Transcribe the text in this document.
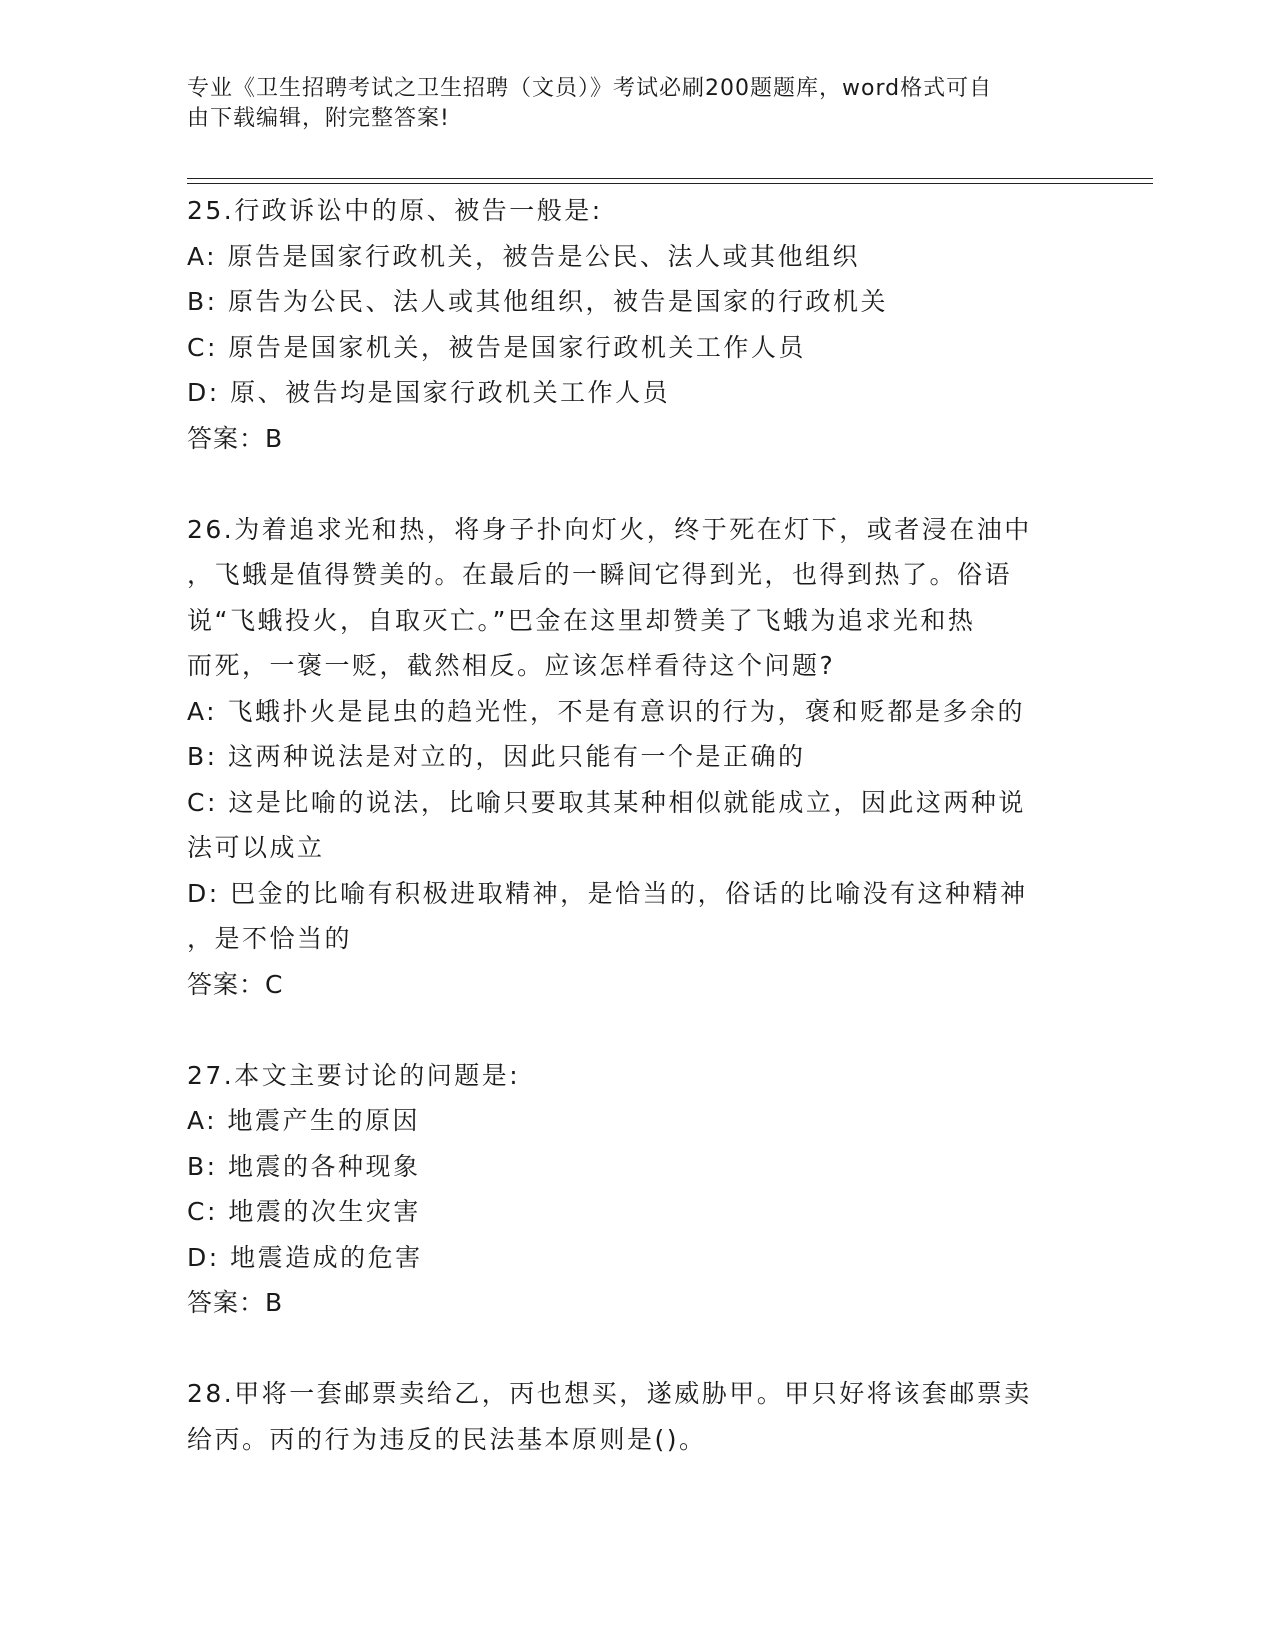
专业《卫生招聘考试之卫生招聘（文员）》考试必刷200题题库，word格式可自
由下载编辑，附完整答案!
25.行政诉讼中的原、被告一般是:
A: 原告是国家行政机关，被告是公民、法人或其他组织
B: 原告为公民、法人或其他组织，被告是国家的行政机关
C: 原告是国家机关，被告是国家行政机关工作人员
D: 原、被告均是国家行政机关工作人员
答案：B
26.为着追求光和热，将身子扑向灯火，终于死在灯下，或者浸在油中
，飞蛾是值得赞美的。在最后的一瞬间它得到光，也得到热了。俗语
说“飞蛾投火，自取灭亡。”巴金在这里却赞美了飞蛾为追求光和热
而死，一褒一贬，截然相反。应该怎样看待这个问题?
A: 飞蛾扑火是昆虫的趋光性，不是有意识的行为，褒和贬都是多余的
B: 这两种说法是对立的，因此只能有一个是正确的
C: 这是比喻的说法，比喻只要取其某种相似就能成立，因此这两种说
法可以成立
D: 巴金的比喻有积极进取精神，是恰当的，俗话的比喻没有这种精神
，是不恰当的
答案：C
27.本文主要讨论的问题是:
A: 地震产生的原因
B: 地震的各种现象
C: 地震的次生灾害
D: 地震造成的危害
答案：B
28.甲将一套邮票卖给乙，丙也想买，遂威胁甲。甲只好将该套邮票卖
给丙。丙的行为违反的民法基本原则是()。
